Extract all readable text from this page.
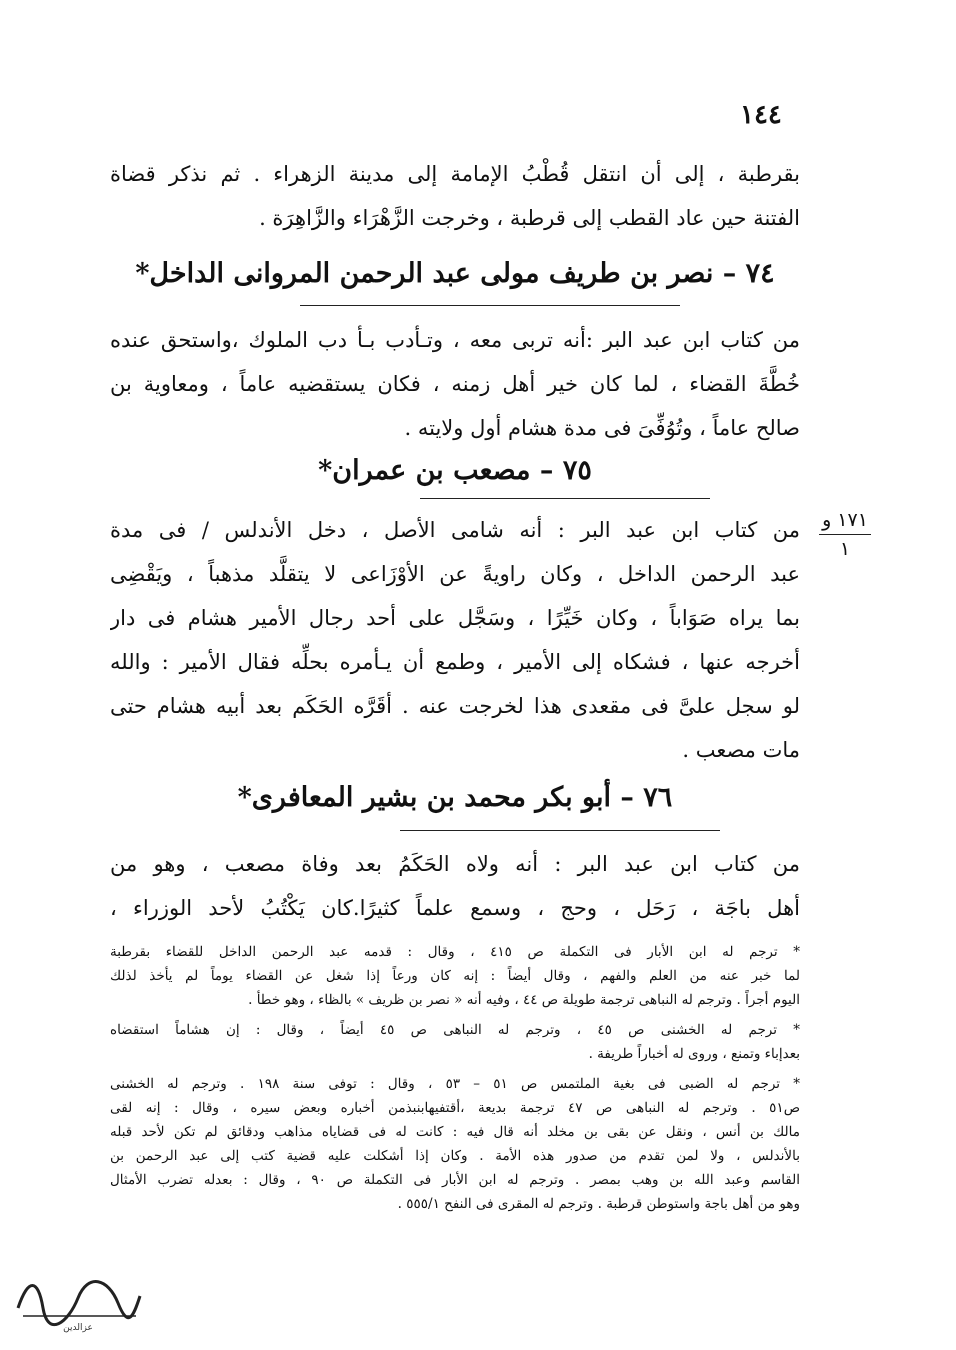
١٤٤
بقرطبة ، إلى أن انتقل قُطْبُ الإمامة إلى مدينة الزهراء . ثم نذكر قضاة
الفتنة حين عاد القطب إلى قرطبة ، وخرجت الزَّهْرَاء والزَّاهِرَة .
٧٤ – نصر بن طريف مولى عبد الرحمن المروانى الداخل*
من كتاب ابن عبد البر :أنه تربى معه ، وتـأدب بـأ دب الملوك ،واستحق عنده
خُطَّةَ القضاء ، لما كان خير أهل زمنه ، فكان يستقضيه عاماً ، ومعاوية بن
صالح عاماً ، وتُوُفِّىَ فى مدة هشام أول ولايته .
٧٥ – مصعب بن عمران*
١٧١ و
١
من كتاب ابن عبد البر : أنه شامى الأصل ، دخل الأندلس / فى مدة
عبد الرحمن الداخل ، وكان راويةً عن الأوْزَاعى لا يتقلَّد مذهباً ، ويَقْضِى
بما يراه صَوَاباً ، وكان خَيِّرًا ، وسَجَّل على أحد رجال الأمير هشام فى دار
أخرجه عنها ، فشكاه إلى الأمير ، وطمع أن يـأمره بحلِّه فقال الأمير : والله
لو سجل علىَّ فى مقعدى هذا لخرجت عنه . أقَرَّه الحَكَم بعد أبيه هشام حتى
مات مصعب .
٧٦ – أبو بكر محمد بن بشير المعافرى*
من كتاب ابن عبد البر : أنه ولاه الحَكَمُ بعد وفاة مصعب ، وهو من
أهل باجَة ، رَحَل ، وحج ، وسمع علماً كثيرًا.كان يَكْتُبُ لأحد الوزراء ،
* ترجم له ابن الأبار فى التكملة ص ٤١٥ ، وقال : قدمه عبد الرحمن الداخل للقضاء بقرطبة
لما خبر عنه من العلم والفهم ، وقال أيضاً : إنه كان ورعاً إذا شغل عن القضاء يوماً لم يأخذ لذلك
اليوم أجراً . وترجم له النباهى ترجمة طويلة ص ٤٤ ، وفيه أنه « نصر بن ظريف » بالظاء ، وهو خطأ .
* ترجم له الخشنى ص ٤٥ ، وترجم له النباهى ص ٤٥ أيضاً ، وقال : إن هشاماً استقضاه
بعدإباء وتمنع ، وروى له أخباراً طريفة .
* ترجم له الضبى فى بغية الملتمس ص ٥١ – ٥٣ ، وقال : توفى سنة ١٩٨ . وترجم له الخشنى
ص٥١ . وترجم له النباهى ص ٤٧ ترجمة بديعة ،أقتفيهابنبذمن أخباره وبعض سيره ، وقال : إنه لقى
مالك بن أنس ، ونقل عن بقى بن مخلد أنه قال فيه : كانت له فى قضاياه مذاهب ودقائق لم تكن لأحد قبله
بالأندلس ، ولا لمن تقدم من صدور هذه الأمة . وكان إذا أشكلت عليه قضية كتب إلى عبد الرحمن بن
القاسم وعبد الله بن وهب بمصر . وترجم له ابن الأبار فى التكملة ص ٩٠ ، وقال : بعدله تضرب الأمثال
وهو من أهل باجة واستوطن قرطبة . وترجم له المقرى فى النفح ٥٥٥/١ .
عزالدين
